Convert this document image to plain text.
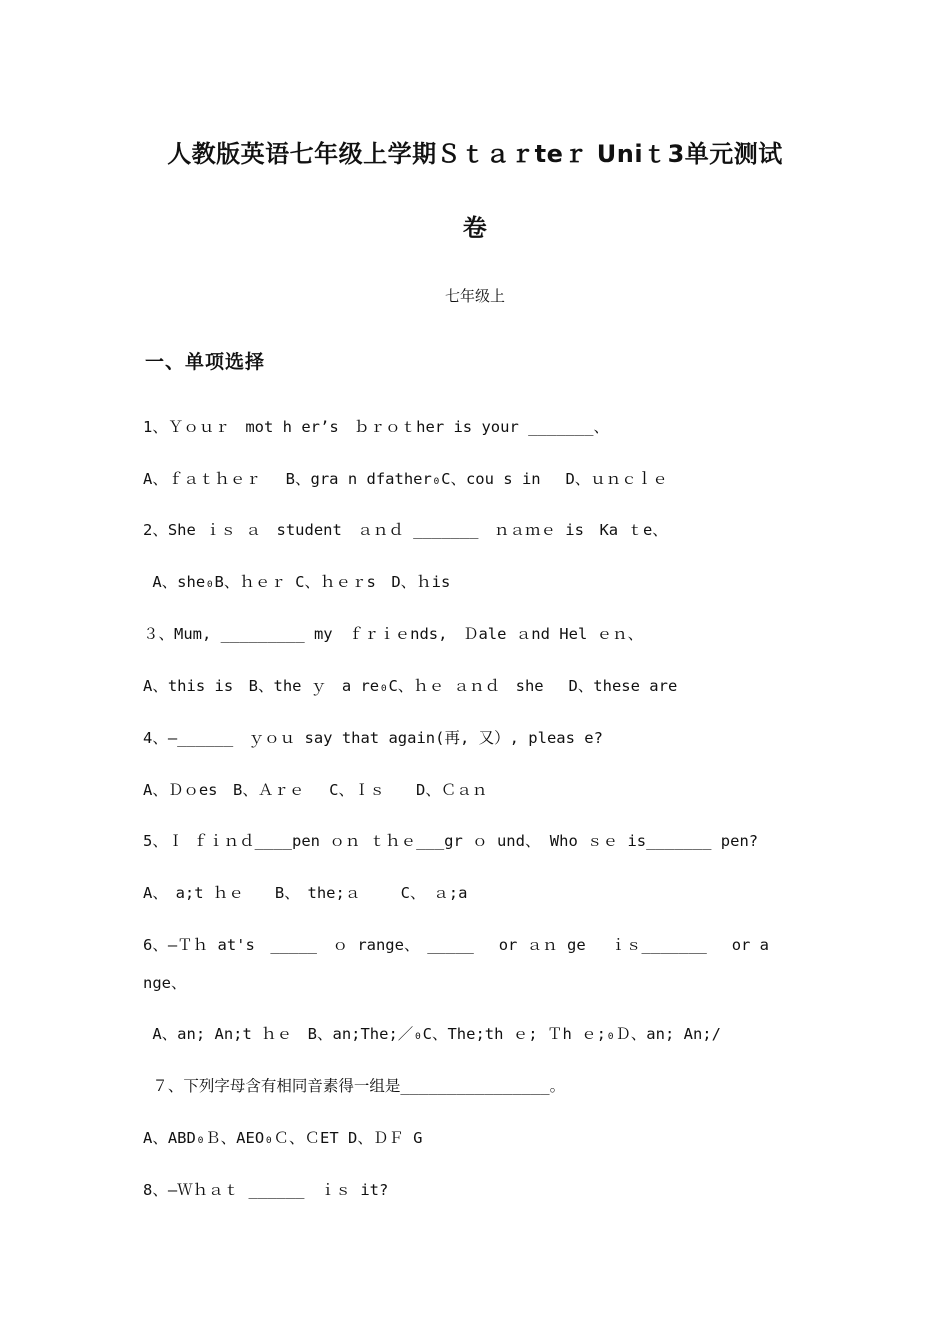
人教版英语七年级上学期Ｓｔａｒteｒ Uniｔ3单元测试
卷
七年级上
一、单项选择
1、Ｙｏｕｒ　mot h er’s　ｂｒｏｔher is your _______、
A、ｆａｔｈｅｒ　 B、gra n dfather₀C、cou s in　 D、ｕｎｃｌｅ
2、She ｉｓ ａ　student　ａｎｄ _______　ｎａｍｅ is　Ka ｔe、
A、she₀B、ｈｅｒ C、ｈｅｒs　D、ｈis
３、Mum, _________ my　ｆｒｉｅnds,　Ｄale ａnd Hel ｅｎ、
A、this is　B、the ｙ　a re₀C、ｈｅ ａｎｄ　she　 D、these are
4、—______　ｙｏｕ say that again(再, 又）, pleas e?
A、Ｄｏes　B、Ａｒｅ　 C、Ｉｓ　　D、Ｃａｎ
5、Ｉ ｆｉｎｄ____pen ｏｎ ｔｈｅ___gr ｏ und、 Who ｓｅ is_______ pen?
A、　a;t ｈｅ　　B、　the;ａ 　　C、　ａ;a
6、—Ｔｈ at's　_____　ｏ range、　_____　 or ａｎ ge　 ｉｓ_______　 or a
nge、
A、an; An;t ｈｅ　B、an;The;／₀C、The;th ｅ; Ｔh ｅ;₀Ｄ、an; An;/
７、下列字母含有相同音素得一组是________________。
A、ABD₀Ｂ、AEO₀Ｃ、ＣET D、ＤＦ G
8、—Ｗｈａｔ ______　ｉｓ it?
